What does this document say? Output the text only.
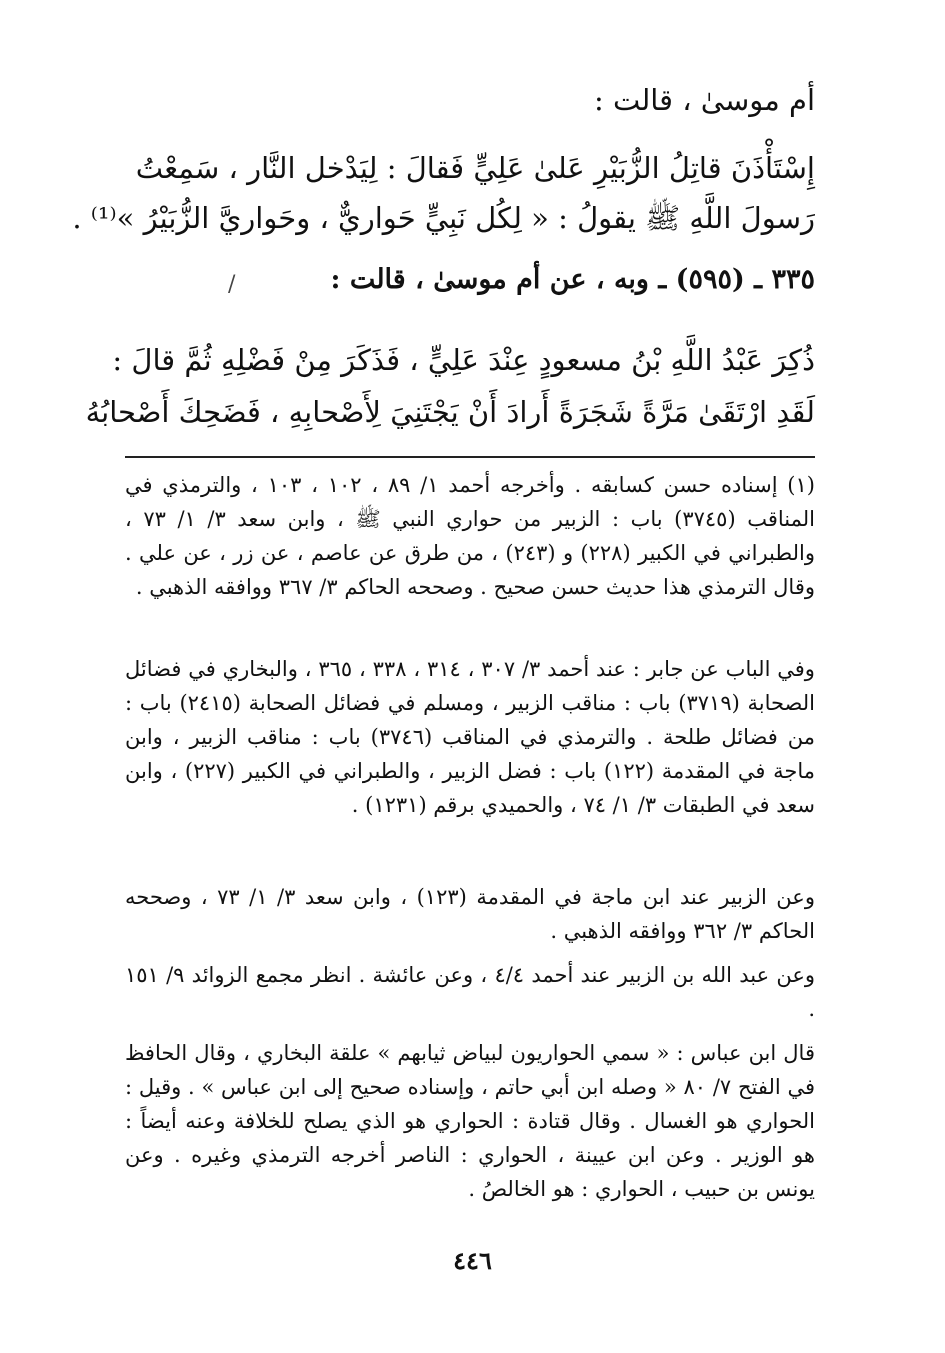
أم موسىٰ ، قالت :
إِسْتَأْذَنَ قاتِلُ الزُّبَيْرِ عَلىٰ عَلِيٍّ فَقالَ : لِيَدْخل النَّار ، سَمِعْتُ
رَسولَ اللَّهِ ﷺ يقولُ : « لِكُل نَبِيٍّ حَواريٌّ ، وحَواريَّ الزُّبَيْرُ »⁽¹⁾ .
٣٣٥ ـ (٥٩٥) ـ وبه ، عن أم موسىٰ ، قالت :
/
ذُكِرَ عَبْدُ اللَّهِ بْنُ مسعودٍ عِنْدَ عَلِيٍّ ، فَذَكَرَ مِنْ فَضْلِهِ ثُمَّ قالَ :
لَقَدِ ارْتَقَىٰ مَرَّةً شَجَرَةً أَرادَ أَنْ يَجْتَنِيَ لِأَصْحابِهِ ، فَضَحِكَ أَصْحابُهُ
(١) إسناده حسن كسابقه . وأخرجه أحمد ١/ ٨٩ ، ١٠٢ ، ١٠٣ ، والترمذي في المناقب (٣٧٤٥) باب : الزبير من حواري النبي ﷺ ، وابن سعد ٣/ ١/ ٧٣ ، والطبراني في الكبير (٢٢٨) و (٢٤٣) ، من طرق عن عاصم ، عن زر ، عن علي . وقال الترمذي هذا حديث حسن صحيح . وصححه الحاكم ٣/ ٣٦٧ ووافقه الذهبي .
وفي الباب عن جابر : عند أحمد ٣/ ٣٠٧ ، ٣١٤ ، ٣٣٨ ، ٣٦٥ ، والبخاري في فضائل الصحابة (٣٧١٩) باب : مناقب الزبير ، ومسلم في فضائل الصحابة (٢٤١٥) باب : من فضائل طلحة . والترمذي في المناقب (٣٧٤٦) باب : مناقب الزبير ، وابن ماجة في المقدمة (١٢٢) باب : فضل الزبير ، والطبراني في الكبير (٢٢٧) ، وابن سعد في الطبقات ٣/ ١/ ٧٤ ، والحميدي برقم (١٢٣١) .
وعن الزبير عند ابن ماجة في المقدمة (١٢٣) ، وابن سعد ٣/ ١/ ٧٣ ، وصححه الحاكم ٣/ ٣٦٢ ووافقه الذهبي .
وعن عبد الله بن الزبير عند أحمد ٤/٤ ، وعن عائشة . انظر مجمع الزوائد ٩/ ١٥١ .
قال ابن عباس : « سمي الحواريون لبياض ثيابهم » علقة البخاري ، وقال الحافظ في الفتح ٧/ ٨٠ « وصله ابن أبي حاتم ، وإسناده صحيح إلى ابن عباس » . وقيل : الحواري هو الغسال . وقال قتادة : الحواري هو الذي يصلح للخلافة وعنه أيضاً : هو الوزير . وعن ابن عيينة ، الحواري : الناصر أخرجه الترمذي وغيره . وعن يونس بن حبيب ، الحواري : هو الخالصُ .
٤٤٦
